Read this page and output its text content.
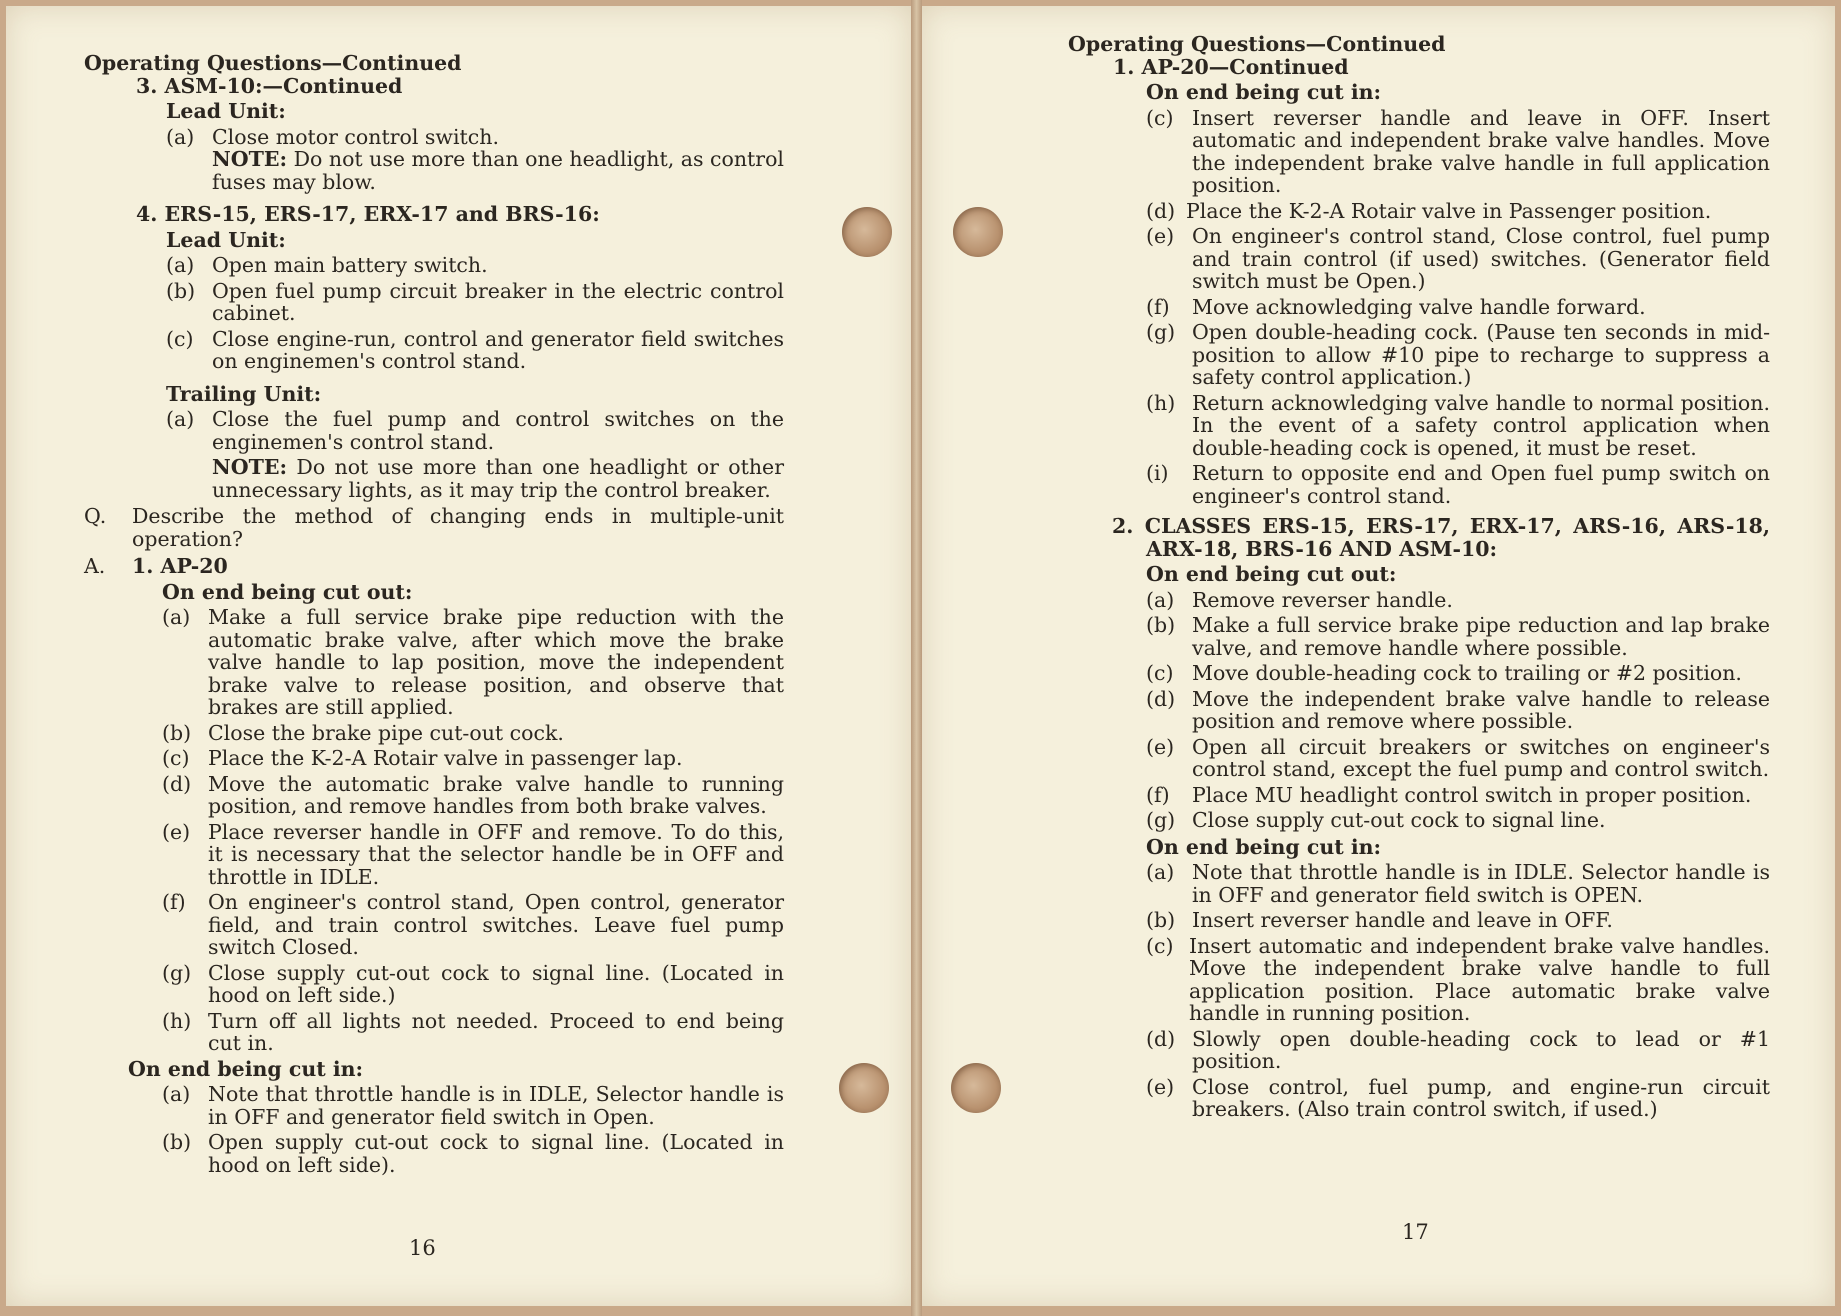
Operating Questions—Continued

3. ASM-10:—Continued

Lead Unit:

(a) Close motor control switch.
NOTE: Do not use more than one headlight, as control fuses may blow.

4. ERS-15, ERS-17, ERX-17 and BRS-16:

Lead Unit:

(a) Open main battery switch.
(b) Open fuel pump circuit breaker in the electric control cabinet.
(c) Close engine-run, control and generator field switches on enginemen's control stand.

Trailing Unit:

(a) Close the fuel pump and control switches on the enginemen's control stand.
NOTE: Do not use more than one headlight or other unnecessary lights, as it may trip the control breaker.
Q.	Describe the method of changing ends in multiple-unit operation?
A.	1. AP-20

On end being cut out:

(a) Make a full service brake pipe reduction with the automatic brake valve, after which move the brake valve handle to lap position, move the independent brake valve to release position, and observe that brakes are still applied.
(b) Close the brake pipe cut-out cock.
(c) Place the K-2-A Rotair valve in passenger lap.
(d) Move the automatic brake valve handle to running position, and remove handles from both brake valves.
(e) Place reverser handle in OFF and remove. To do this, it is necessary that the selector handle be in OFF and throttle in IDLE.
(f)	On engineer's control stand, Open control, generator field, and train control switches. Leave fuel pump switch Closed.
(g) Close supply cut-out cock to signal line. (Located in hood on left side.)
(h) Turn off all lights not needed. Proceed to end being cut in.

On end being cut in:

(a) Note that throttle handle is in IDLE, Selector handle is in OFF and generator field switch in Open.
(b) Open supply cut-out cock to signal line. (Located in hood on left side).
16

Operating Questions—Continued

1. AP-20—Continued

On end being cut in:

(c) Insert reverser handle and leave in OFF. Insert automatic and independent brake valve handles. Move the independent brake valve handle in full application position.
(d) Place the K-2-A Rotair valve in Passenger position.
(e) On engineer's control stand, Close control, fuel pump and train control (if used) switches. (Generator field switch must be Open.)
(f)	Move acknowledging valve handle forward.
(g) Open double-heading cock. (Pause ten seconds in mid-position to allow #10 pipe to recharge to suppress a safety control application.)
(h) Return acknowledging valve handle to normal position. In the event of a safety control application when double-heading cock is opened, it must be reset.
(i)	Return to opposite end and Open fuel pump switch on engineer's control stand.

2. CLASSES ERS-15, ERS-17, ERX-17, ARS-16, ARS-18, ARX-18, BRS-16 AND ASM-10:

On end being cut out:

(a) Remove reverser handle.
(b) Make a full service brake pipe reduction and lap brake valve, and remove handle where possible.
(c) Move double-heading cock to trailing or #2 position.
(d) Move the independent brake valve handle to release position and remove where possible.
(e) Open all circuit breakers or switches on engineer's control stand, except the fuel pump and control switch.
(f)	Place MU headlight control switch in proper position.
(g) Close supply cut-out cock to signal line.

On end being cut in:

(a) Note that throttle handle is in IDLE. Selector handle is in OFF and generator field switch is OPEN.
(b) Insert reverser handle and leave in OFF.
(c) Insert automatic and independent brake valve handles. Move the independent brake valve handle to full application position. Place automatic brake valve handle in running position.
(d) Slowly open double-heading cock to lead or #1 position.
(e) Close control, fuel pump, and engine-run circuit breakers. (Also train control switch, if used.)
17
